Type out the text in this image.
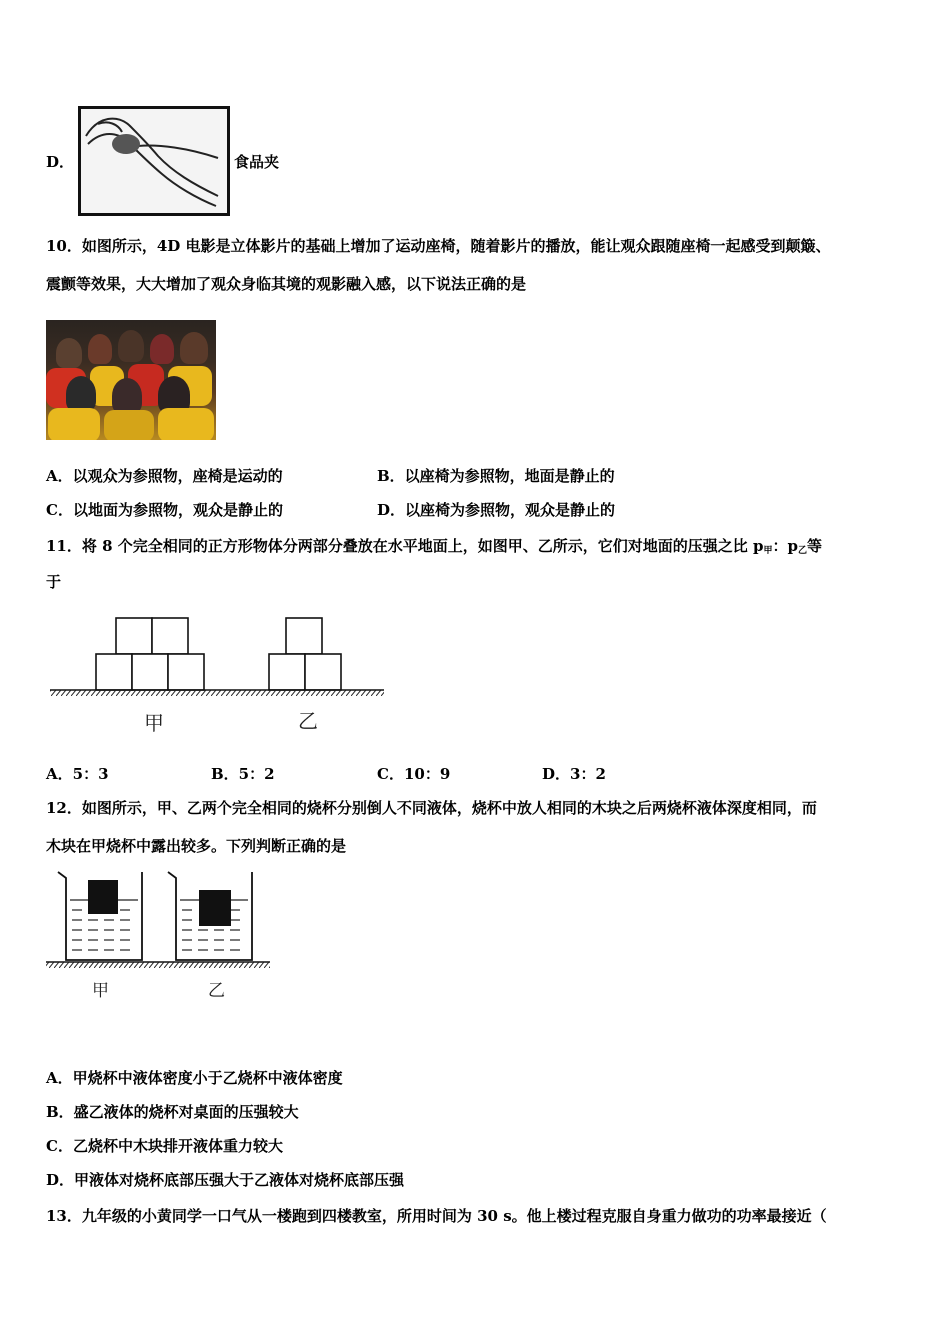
D．	食品夹
10．如图所示，4D 电影是立体影片的基础上增加了运动座椅，随着影片的播放，能让观众跟随座椅一起感受到颠簸、
震颤等效果，大大增加了观众身临其境的观影融入感，以下说法正确的是
A．以观众为参照物，座椅是运动的	B．以座椅为参照物，地面是静止的
C．以地面为参照物，观众是静止的	D．以座椅为参照物，观众是静止的
11．将 8 个完全相同的正方形物体分两部分叠放在水平地面上，如图甲、乙所示，它们对地面的压强之比 $p_甲$：$p_乙$等
于
甲	乙
A．5：3	B．5：2	C．10：9	D．3：2
12．如图所示，甲、乙两个完全相同的烧杯分别倒人不同液体，烧杯中放人相同的木块之后两烧杯液体深度相同，而
木块在甲烧杯中露出较多。下列判断正确的是
甲	乙
A．甲烧杯中液体密度小于乙烧杯中液体密度
B．盛乙液体的烧杯对桌面的压强较大
C．乙烧杯中木块排开液体重力较大
D．甲液体对烧杯底部压强大于乙液体对烧杯底部压强
13．九年级的小黄同学一口气从一楼跑到四楼教室，所用时间为 30 s。他上楼过程克服自身重力做功的功率最接近（
